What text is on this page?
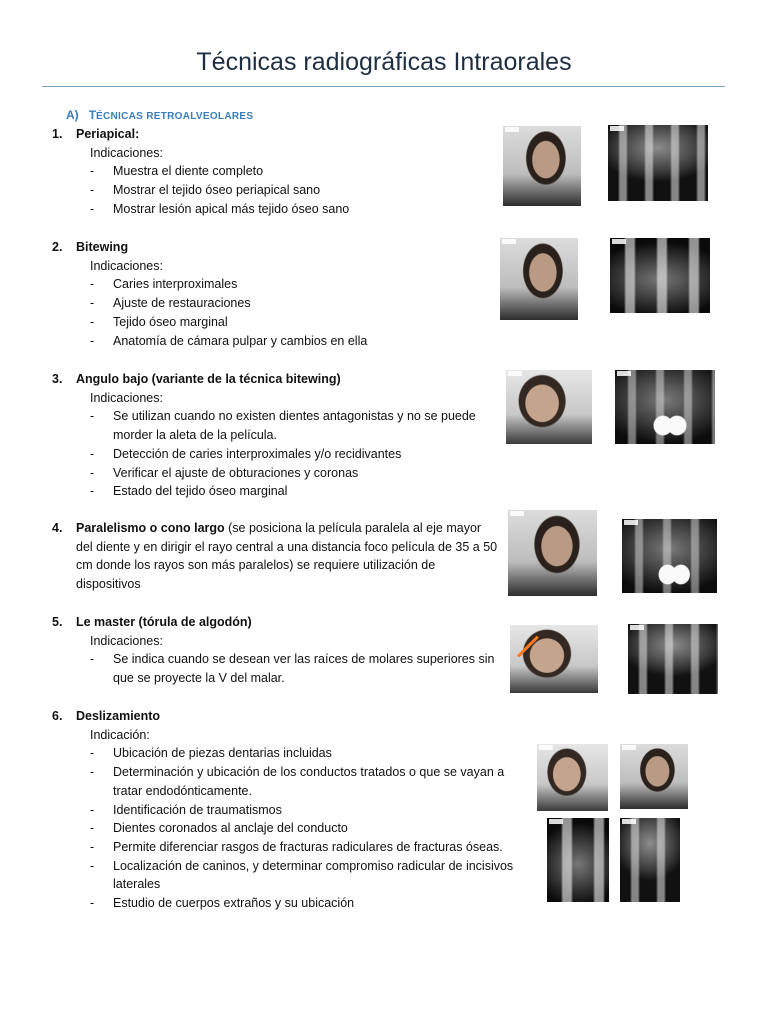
Técnicas radiográficas Intraorales
A) TÉCNICAS RETROALVEOLARES
1. Periapical:
Indicaciones:
- Muestra el diente completo
- Mostrar el tejido óseo periapical sano
- Mostrar lesión apical más tejido óseo sano
2. Bitewing
Indicaciones:
- Caries interproximales
- Ajuste de restauraciones
- Tejido óseo marginal
- Anatomía de cámara pulpar y cambios en ella
3. Angulo bajo (variante de la técnica bitewing)
Indicaciones:
- Se utilizan cuando no existen dientes antagonistas y no se puede morder la aleta de la película.
- Detección de caries interproximales y/o recidivantes
- Verificar el ajuste de obturaciones y coronas
- Estado del tejido óseo marginal
4. Paralelismo o cono largo (se posiciona la película paralela al eje mayor del diente y en dirigir el rayo central a una distancia foco película de 35 a 50 cm donde los rayos son más paralelos) se requiere utilización de dispositivos
5. Le master (tórula de algodón)
Indicaciones:
- Se indica cuando se desean ver las raíces de molares superiores sin que se proyecte la V del malar.
6. Deslizamiento
Indicación:
- Ubicación de piezas dentarias incluidas
- Determinación y ubicación de los conductos tratados o que se vayan a tratar endodónticamente.
- Identificación de traumatismos
- Dientes coronados al anclaje del conducto
- Permite diferenciar rasgos de fracturas radiculares de fracturas óseas.
- Localización de caninos, y determinar compromiso radicular de incisivos laterales
- Estudio de cuerpos extraños y su ubicación
